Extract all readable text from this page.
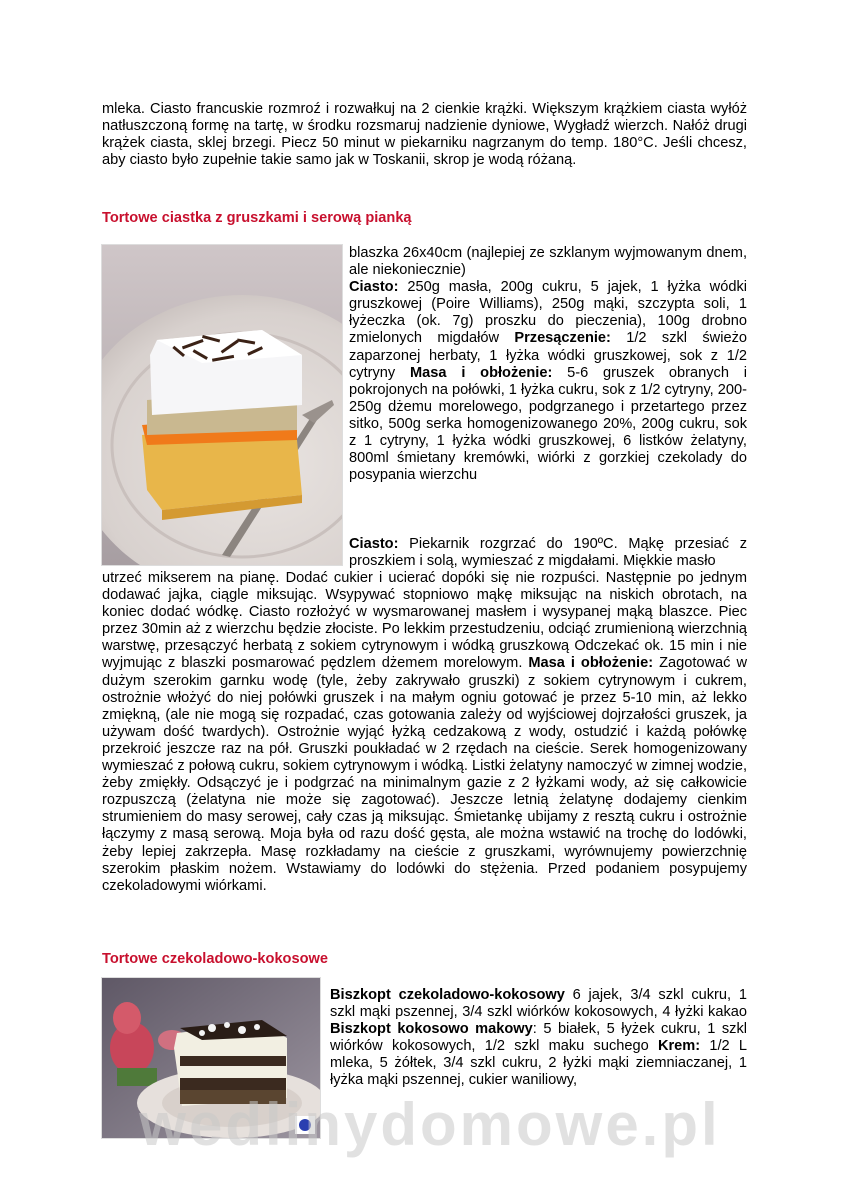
mleka. Ciasto francuskie rozmroź i rozwałkuj na 2 cienkie krążki. Większym krążkiem ciasta wyłóż natłuszczoną formę na tartę, w środku rozsmaruj nadzienie dyniowe, Wygładź wierzch. Nałóż drugi krążek ciasta, sklej brzegi. Piecz 50 minut w piekarniku nagrzanym do temp. 180°C. Jeśli chcesz, aby ciasto było zupełnie takie samo jak w Toskanii, skrop je wodą różaną.

Tortowe ciastka z gruszkami i serową pianką
blaszka 26x40cm (najlepiej ze szklanym wyjmowanym dnem, ale niekoniecznie)
Ciasto: 250g masła, 200g cukru, 5 jajek, 1 łyżka wódki gruszkowej (Poire Williams), 250g mąki, szczypta soli, 1 łyżeczka (ok. 7g) proszku do pieczenia), 100g drobno zmielonych migdałów Przesączenie: 1/2 szkl świeżo zaparzonej herbaty, 1 łyżka wódki gruszkowej, sok z 1/2 cytryny Masa i obłożenie: 5-6 gruszek obranych i pokrojonych na połówki, 1 łyżka cukru, sok z 1/2 cytryny, 200-250g dżemu morelowego, podgrzanego i przetartego przez sitko, 500g serka homogenizowanego 20%, 200g cukru, sok z 1 cytryny, 1 łyżka wódki gruszkowej, 6 listków żelatyny, 800ml śmietany kremówki, wiórki z gorzkiej czekolady do posypania wierzchu

Ciasto: Piekarnik rozgrzać do 190ºC. Mąkę przesiać z proszkiem i solą, wymieszać z migdałami. Miękkie masło

utrzeć mikserem na pianę. Dodać cukier i ucierać dopóki się nie rozpuści. Następnie po jednym dodawać jajka, ciągle miksując. Wsypywać stopniowo mąkę miksując na niskich obrotach, na koniec dodać wódkę. Ciasto rozłożyć w wysmarowanej masłem i wysypanej mąką blaszce. Piec przez 30min aż z wierzchu będzie złociste. Po lekkim przestudzeniu, odciąć zrumienioną wierzchnią warstwę, przesączyć herbatą z sokiem cytrynowym i wódką gruszkową Odczekać ok. 15 min i nie wyjmując z blaszki posmarować pędzlem dżemem morelowym. Masa i obłożenie: Zagotować w dużym szerokim garnku wodę (tyle, żeby zakrywało gruszki) z sokiem cytrynowym i cukrem, ostrożnie włożyć do niej połówki gruszek i na małym ogniu gotować je przez 5-10 min, aż lekko zmiękną, (ale nie mogą się rozpadać, czas gotowania zależy od wyjściowej dojrzałości gruszek, ja używam dość twardych). Ostrożnie wyjąć łyżką cedzakową z wody, ostudzić i każdą połówkę przekroić jeszcze raz na pół. Gruszki poukładać w 2 rzędach na cieście. Serek homogenizowany wymieszać z połową cukru, sokiem cytrynowym i wódką. Listki żelatyny namoczyć w zimnej wodzie, żeby zmiękły. Odsączyć je i podgrzać na minimalnym gazie z 2 łyżkami wody, aż się całkowicie rozpuszczą (żelatyna nie może się zagotować). Jeszcze letnią żelatynę dodajemy cienkim strumieniem do masy serowej, cały czas ją miksując. Śmietankę ubijamy z resztą cukru i ostrożnie łączymy z masą serową. Moja była od razu dość gęsta, ale można wstawić na trochę do lodówki, żeby lepiej zakrzepła. Masę rozkładamy na cieście z gruszkami, wyrównujemy powierzchnię szerokim płaskim nożem. Wstawiamy do lodówki do stężenia. Przed podaniem posypujemy czekoladowymi wiórkami.

Tortowe czekoladowo-kokosowe
Biszkopt czekoladowo-kokosowy 6 jajek, 3/4 szkl cukru, 1 szkl mąki pszennej, 3/4 szkl wiórków kokosowych, 4 łyżki kakao Biszkopt kokosowo makowy: 5 białek, 5 łyżek cukru, 1 szkl wiórków kokosowych, 1/2 szkl maku suchego Krem: 1/2 L mleka, 5 żółtek, 3/4 szkl cukru, 2 łyżki mąki ziemniaczanej, 1 łyżka mąki pszennej, cukier waniliowy,
wedlinydomowe.pl
